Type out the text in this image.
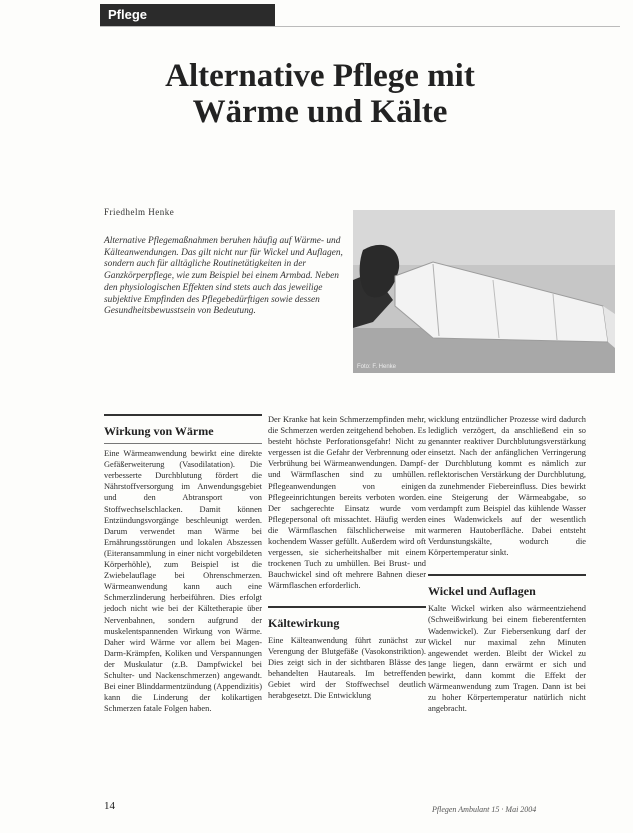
Pflege
Alternative Pflege mit
Wärme und Kälte
Friedhelm Henke
Alternative Pflegemaßnahmen beruhen häufig auf Wärme- und Kälteanwendungen. Das gilt nicht nur für Wickel und Auflagen, sondern auch für alltägliche Routinetätigkeiten in der Ganzkörperpflege, wie zum Beispiel bei einem Armbad. Neben den physiologischen Effekten sind stets auch das jeweilige subjektive Empfinden des Pflegebedürftigen sowie dessen Gesundheitsbewusstsein von Bedeutung.
Foto: F. Henke
Wirkung von Wärme

Eine Wärmeanwendung bewirkt eine direkte Gefäßerweiterung (Vasodilatation). Die verbesserte Durchblutung fördert die Nährstoffversorgung im Anwendungsgebiet und den Abtransport von Stoffwechselschlacken. Damit können Entzündungsvorgänge beschleunigt werden. Darum verwendet man Wärme bei Ernährungsstörungen und lokalen Abszessen (Eiteransammlung in einer nicht vorgebildeten Körperhöhle), zum Beispiel ist die Zwiebelauflage bei Ohrenschmerzen. Wärmeanwendung kann auch eine Schmerzlinderung herbeiführen. Dies erfolgt jedoch nicht wie bei der Kältetherapie über Nervenbahnen, sondern aufgrund der muskelentspannenden Wirkung von Wärme. Daher wird Wärme vor allem bei Magen-Darm-Krämpfen, Koliken und Verspannungen der Muskulatur (z.B. Dampfwickel bei Schulter- und Nackenschmerzen) angewandt. Bei einer Blinddarmentzündung (Appendizitis) kann die Linderung der kolikartigen Schmerzen fatale Folgen haben.

Der Kranke hat kein Schmerzempfinden mehr, die Schmerzen werden zeitgehend behoben. Es besteht höchste Perforationsgefahr! Nicht zu vergessen ist die Gefahr der Verbrennung oder Verbrühung bei Wärmeanwendungen. Dampf- und Wärmflaschen sind zu umhüllen. Pflegeanwendungen von einigen Pflegeeinrichtungen bereits verboten worden. Der sachgerechte Einsatz wurde vom Pflegepersonal oft missachtet. Häufig werden die Wärmflaschen fälschlicherweise mit kochendem Wasser gefüllt. Außerdem wird oft vergessen, sie sicherheitshalber mit einem trockenen Tuch zu umhüllen. Bei Brust- und Bauchwickel sind oft mehrere Bahnen dieser Wärmflaschen erforderlich.

Kältewirkung

Eine Kälteanwendung führt zunächst zur Verengung der Blutgefäße (Vasokonstriktion). Dies zeigt sich in der sichtbaren Blässe des behandelten Hautareals. Im betreffenden Gebiet wird der Stoffwechsel deutlich herabgesetzt. Die Entwicklung

wicklung entzündlicher Prozesse wird dadurch lediglich verzögert, da anschließend ein so genannter reaktiver Durchblutungsverstärkung einsetzt. Nach der anfänglichen Verringerung der Durchblutung kommt es nämlich zur reflektorischen Verstärkung der Durchblutung, da zunehmender Fiebereinfluss. Dies bewirkt eine Steigerung der Wärmeabgabe, so verdampft zum Beispiel das kühlende Wasser eines Wadenwickels auf der wesentlich warmeren Hautoberfläche. Dabei entsteht Verdunstungskälte, wodurch die Körpertemperatur sinkt.

Wickel und Auflagen

Kalte Wickel wirken also wärmeentziehend (Schweißwirkung bei einem fieberentfernten Wadenwickel). Zur Fiebersenkung darf der Wickel nur maximal zehn Minuten angewendet werden. Bleibt der Wickel zu lange liegen, dann erwärmt er sich und bewirkt, dann kommt die Effekt der Wärmeanwendung zum Tragen. Dann ist bei zu hoher Körpertemperatur natürlich nicht angebracht.

14	Pflegen Ambulant 15 · Mai 2004
